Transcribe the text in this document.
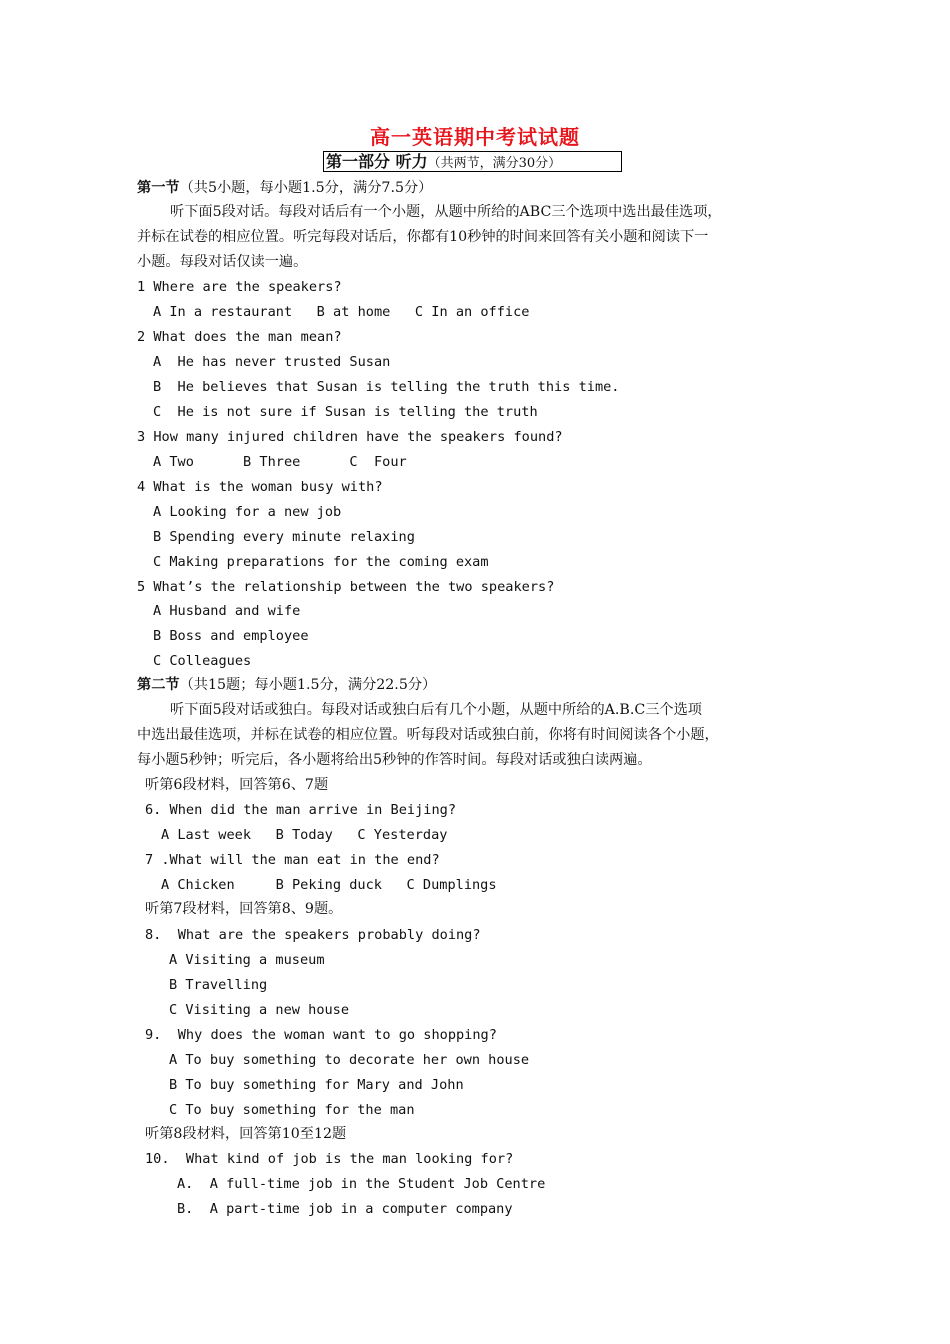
高一英语期中考试试题
第一部分 听力（共两节，满分30分）
第一节（共5小题，每小题1.5分，满分7.5分）
听下面5段对话。每段对话后有一个小题，从题中所给的ABC三个选项中选出最佳选项，
并标在试卷的相应位置。听完每段对话后，你都有10秒钟的时间来回答有关小题和阅读下一
小题。每段对话仅读一遍。
1 Where are the speakers?
A In a restaurant   B at home   C In an office
2 What does the man mean?
A  He has never trusted Susan
B  He believes that Susan is telling the truth this time.
C  He is not sure if Susan is telling the truth
3 How many injured children have the speakers found?
A Two      B Three      C  Four
4 What is the woman busy with?
A Looking for a new job
B Spending every minute relaxing
C Making preparations for the coming exam
5 What’s the relationship between the two speakers?
A Husband and wife
B Boss and employee
C Colleagues
第二节（共15题；每小题1.5分，满分22.5分）
听下面5段对话或独白。每段对话或独白后有几个小题，从题中所给的A.B.C三个选项
中选出最佳选项，并标在试卷的相应位置。听每段对话或独白前，你将有时间阅读各个小题，
每小题5秒钟；听完后，各小题将给出5秒钟的作答时间。每段对话或独白读两遍。
听第6段材料，回答第6、7题
6. When did the man arrive in Beijing?
A Last week   B Today   C Yesterday
7 .What will the man eat in the end?
A Chicken     B Peking duck   C Dumplings
听第7段材料，回答第8、9题。
8.  What are the speakers probably doing?
A Visiting a museum
B Travelling
C Visiting a new house
9.  Why does the woman want to go shopping?
A To buy something to decorate her own house
B To buy something for Mary and John
C To buy something for the man
听第8段材料，回答第10至12题
10.  What kind of job is the man looking for?
A.  A full-time job in the Student Job Centre
B.  A part-time job in a computer company
